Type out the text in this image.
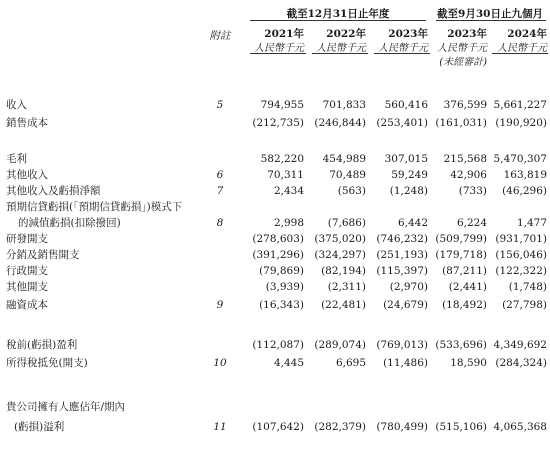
截至12月31日止年度	截至9月30日止九個月
附註	2021年	2022年	2023年	2023年	2024年
人民幣千元	人民幣千元	人民幣千元 人民幣千元	人民幣千元
(未經審計)
收入	5	794,955	701,833	560,416	376,599 5,661,227
銷售成本	(212,735) (246,844) (253,401) (161,031) (190,920)
毛利	582,220	454,989	307,015	215,568 5,470,307
其他收入	6	70,311	70,489	59,249	42,906	163,819
其他收入及虧損淨額	7	2,434	(563)	(1,248)	(733)	(46,296)
預期信貸虧損(「預期信貸虧損」)模式下
的減值虧損(扣除撥回)	8	2,998	(7,686)	6,442	6,224	1,477
研發開支	(278,603) (375,020) (746,232) (509,799) (931,701)
分銷及銷售開支	(391,296) (324,297) (251,193) (179,718) (156,046)
行政開支	(79,869)	(82,194) (115,397)	(87,211) (122,322)
其他開支	(3,939)	(2,311)	(2,970)	(2,441)	(1,748)
融資成本	9	(16,343)	(22,481)	(24,679)	(18,492)	(27,798)
稅前(虧損)盈利	(112,087) (289,074) (769,013) (533,696) 4,349,692
所得稅抵免(開支)	10	4,445	6,695	(11,486)	18,590 (284,324)
貴公司擁有人應佔年/期內
(虧損)溢利	11	(107,642) (282,379) (780,499) (515,106) 4,065,368
